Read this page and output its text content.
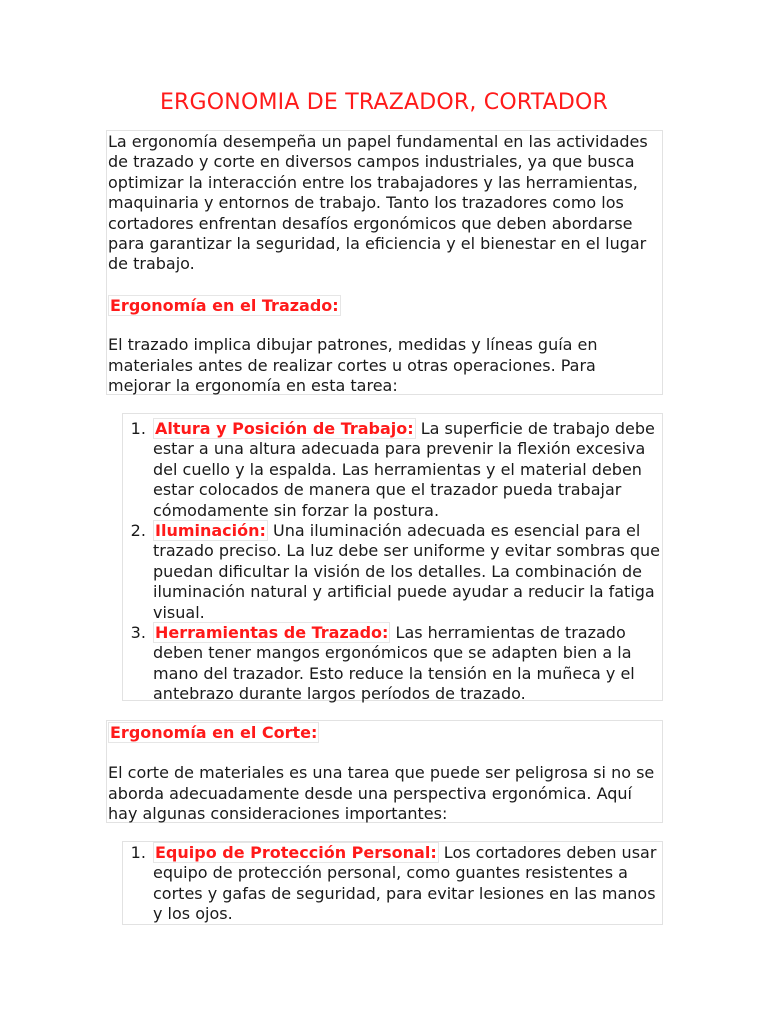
ERGONOMIA DE TRAZADOR, CORTADOR

La ergonomía desempeña un papel fundamental en las actividades de trazado y corte en diversos campos industriales, ya que busca optimizar la interacción entre los trabajadores y las herramientas, maquinaria y entornos de trabajo. Tanto los trazadores como los cortadores enfrentan desafíos ergonómicos que deben abordarse para garantizar la seguridad, la eficiencia y el bienestar en el lugar de trabajo.

Ergonomía en el Trazado:

El trazado implica dibujar patrones, medidas y líneas guía en materiales antes de realizar cortes u otras operaciones. Para mejorar la ergonomía en esta tarea:

1. Altura y Posición de Trabajo: La superficie de trabajo debe estar a una altura adecuada para prevenir la flexión excesiva del cuello y la espalda. Las herramientas y el material deben estar colocados de manera que el trazador pueda trabajar cómodamente sin forzar la postura.
2. Iluminación: Una iluminación adecuada es esencial para el trazado preciso. La luz debe ser uniforme y evitar sombras que puedan dificultar la visión de los detalles. La combinación de iluminación natural y artificial puede ayudar a reducir la fatiga visual.
3. Herramientas de Trazado: Las herramientas de trazado deben tener mangos ergonómicos que se adapten bien a la mano del trazador. Esto reduce la tensión en la muñeca y el antebrazo durante largos períodos de trazado.

Ergonomía en el Corte:

El corte de materiales es una tarea que puede ser peligrosa si no se aborda adecuadamente desde una perspectiva ergonómica. Aquí hay algunas consideraciones importantes:

1. Equipo de Protección Personal: Los cortadores deben usar equipo de protección personal, como guantes resistentes a cortes y gafas de seguridad, para evitar lesiones en las manos y los ojos.
